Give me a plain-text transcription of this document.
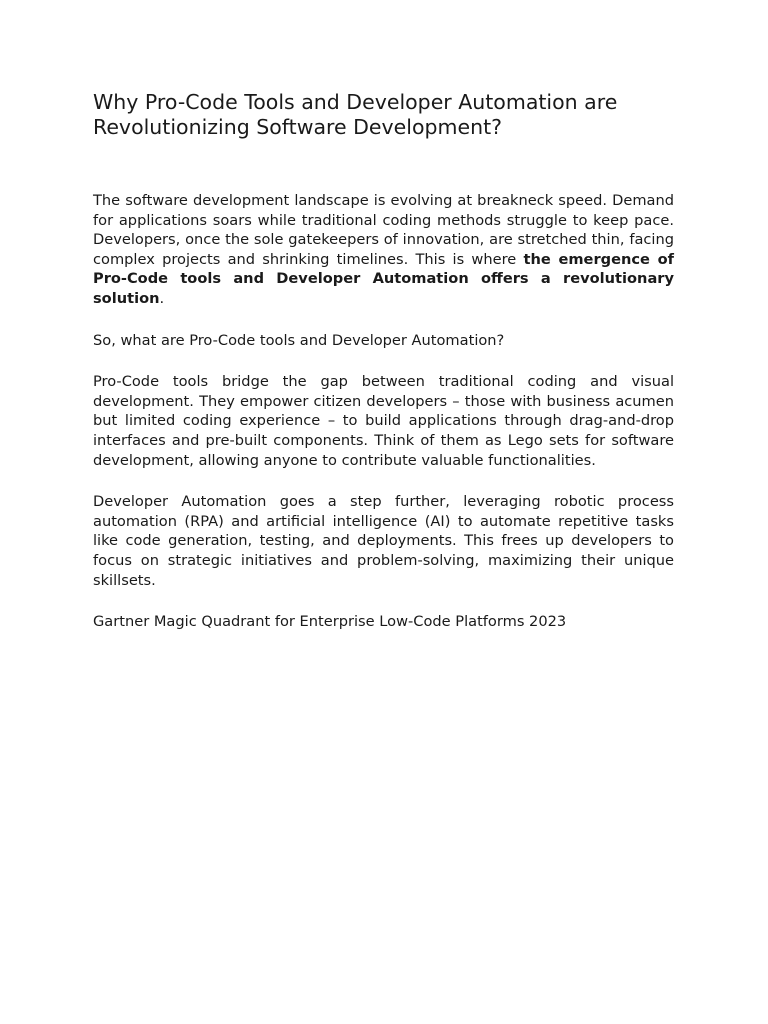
Why Pro-Code Tools and Developer Automation are Revolutionizing Software Development?

The software development landscape is evolving at breakneck speed. Demand for applications soars while traditional coding methods struggle to keep pace. Developers, once the sole gatekeepers of innovation, are stretched thin, facing complex projects and shrinking timelines. This is where the emergence of Pro-Code tools and Developer Automation offers a revolutionary solution.

So, what are Pro-Code tools and Developer Automation?

Pro-Code tools bridge the gap between traditional coding and visual development. They empower citizen developers – those with business acumen but limited coding experience – to build applications through drag-and-drop interfaces and pre-built components. Think of them as Lego sets for software development, allowing anyone to contribute valuable functionalities.

Developer Automation goes a step further, leveraging robotic process automation (RPA) and artificial intelligence (AI) to automate repetitive tasks like code generation, testing, and deployments. This frees up developers to focus on strategic initiatives and problem-solving, maximizing their unique skillsets.

Gartner Magic Quadrant for Enterprise Low-Code Platforms 2023
